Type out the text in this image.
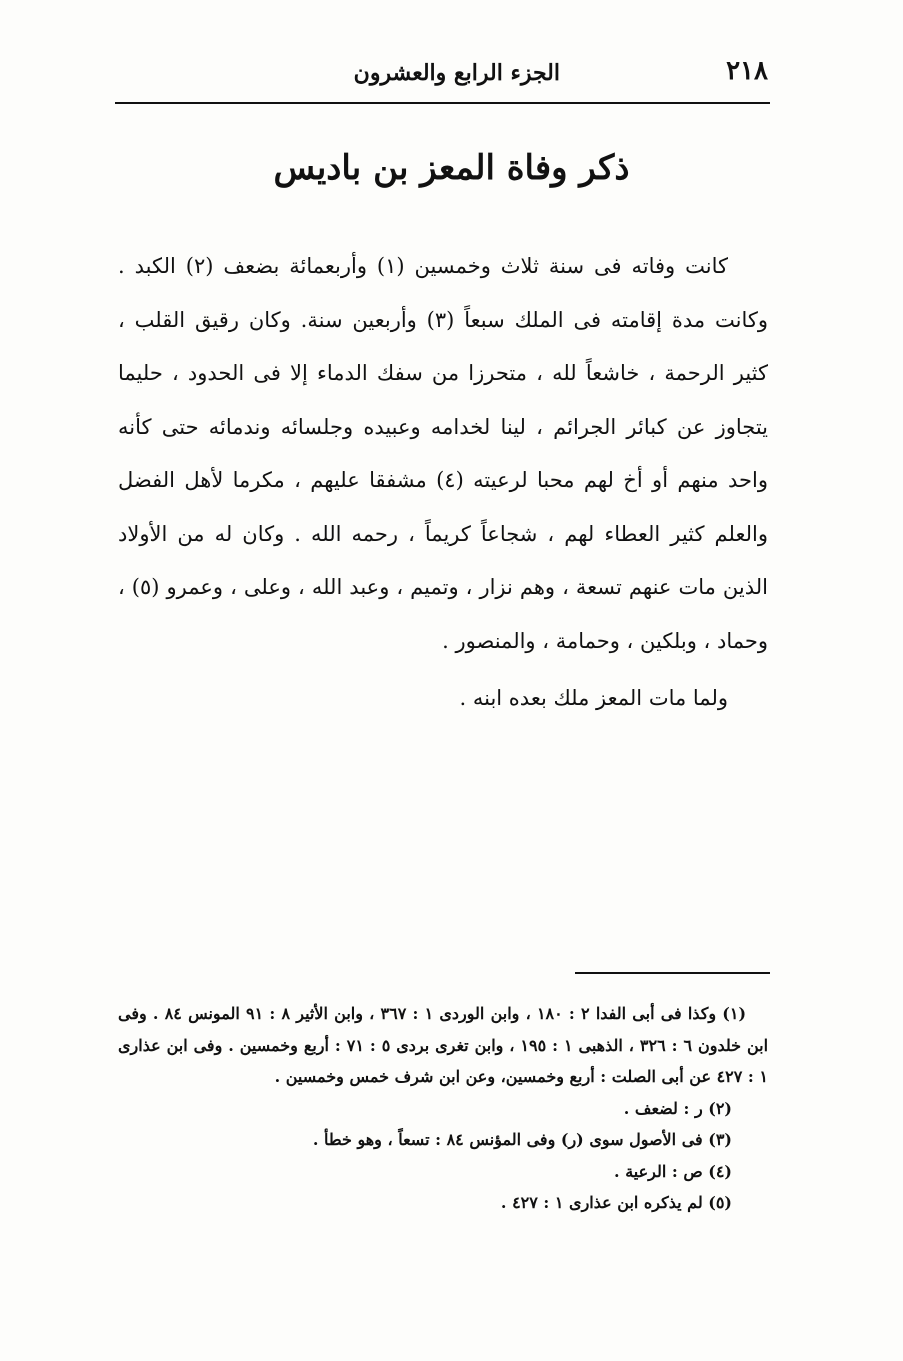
٢١٨
الجزء الرابع والعشرون
ذكر وفاة المعز بن باديس

كانت وفاته فى سنة ثلاث وخمسين (١) وأربعمائة بضعف (٢) الكبد . وكانت مدة إقامته فى الملك سبعاً (٣) وأربعين سنة. وكان رقيق القلب ، كثير الرحمة ، خاشعاً لله ، متحرزا من سفك الدماء إلا فى الحدود ، حليما يتجاوز عن كبائر الجرائم ، لينا لخدامه وعبيده وجلسائه وندمائه حتى كأنه واحد منهم أو أخ لهم محبا لرعيته (٤) مشفقا عليهم ، مكرما لأهل الفضل والعلم كثير العطاء لهم ، شجاعاً كريماً ، رحمه الله . وكان له من الأولاد الذين مات عنهم تسعة ، وهم نزار ، وتميم ، وعبد الله ، وعلى ، وعمرو (٥) ، وحماد ، وبلكين ، وحمامة ، والمنصور .

ولما مات المعز ملك بعده ابنه .

(١) وكذا فى أبى الفدا ٢ : ١٨٠ ، وابن الوردى ١ : ٣٦٧ ، وابن الأثير ٨ : ٩١ المونس ٨٤ . وفى ابن خلدون ٦ : ٣٢٦ ، الذهبى ١ : ١٩٥ ، وابن تغرى بردى ٥ : ٧١ : أربع وخمسين . وفى ابن عذارى ١ : ٤٢٧ عن أبى الصلت : أربع وخمسين، وعن ابن شرف خمس وخمسين .

(٢) ر : لضعف .

(٣) فى الأصول سوى (ر) وفى المؤنس ٨٤ : تسعاً ، وهو خطأ .

(٤) ص : الرعية .

(٥) لم يذكره ابن عذارى ١ : ٤٢٧ .
